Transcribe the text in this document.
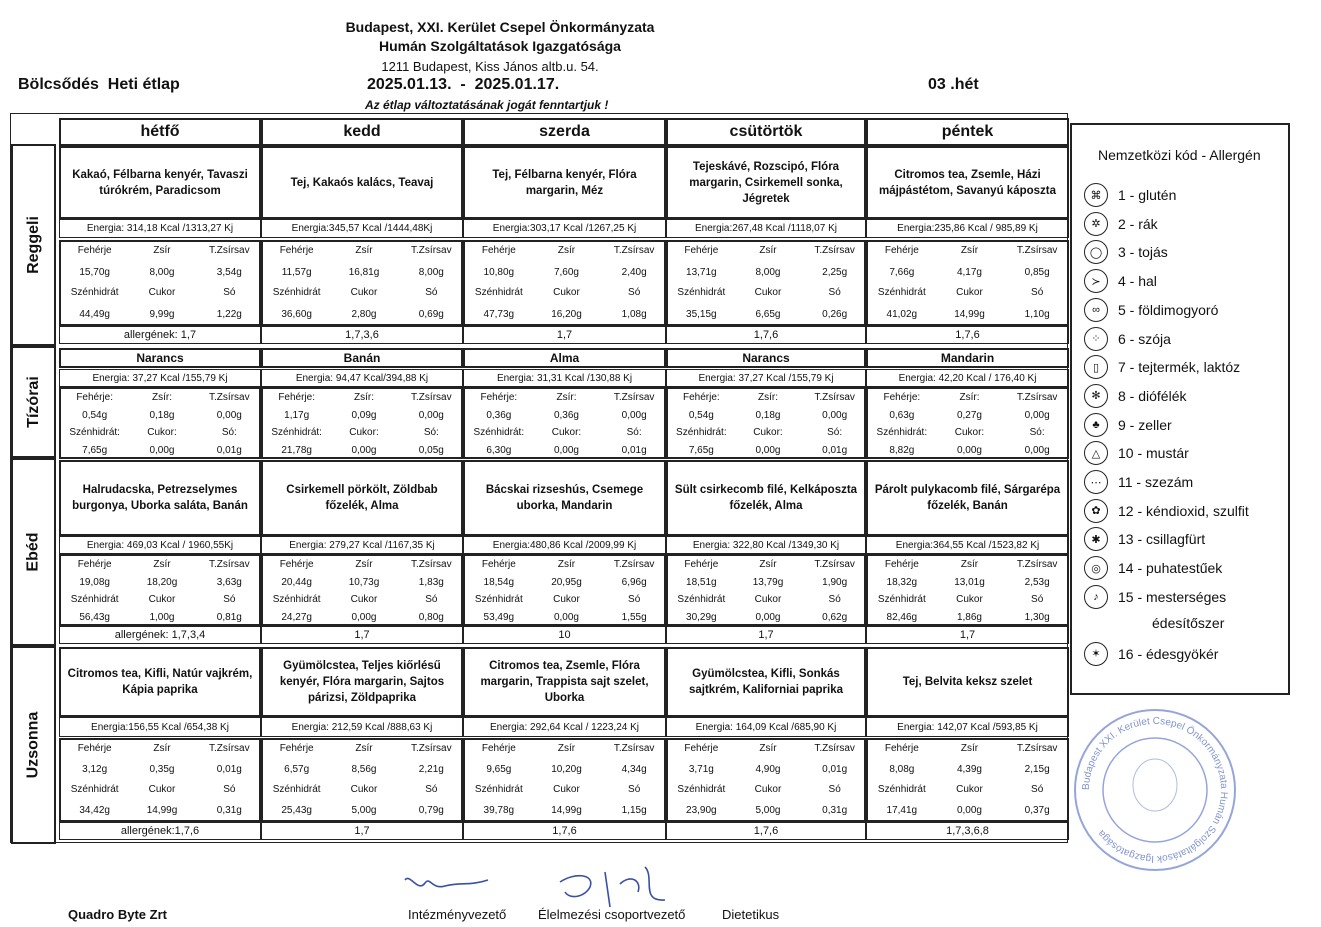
Budapest, XXI. Kerület Csepel Önkormányzata
Humán Szolgáltatások Igazgatósága
1211 Budapest, Kiss János altb.u. 54.
Bölcsődés  Heti étlap	2025.01.13.  -  2025.01.17.	03 .hét
Az étlap változtatásának jogát fenntartjuk !
hétfő	kedd	szerda	csütörtök	péntek
Reggeli
Tízórai
Ebéd
Uzsonna
Kakaó, Félbarna kenyér, Tavaszi túrókrém, Paradicsom
Energia: 314,18 Kcal /1313,27 Kj
Fehérje	Zsír	T.Zsírsav
15,70g	8,00g	3,54g
Szénhidrát	Cukor	Só
44,49g	9,99g	1,22g
allergének: 1,7
Tej, Kakaós kalács, Teavaj
Energia:345,57 Kcal /1444,48Kj
Fehérje	Zsír	T.Zsírsav
11,57g	16,81g	8,00g
Szénhidrát	Cukor	Só
36,60g	2,80g	0,69g
1,7,3,6
Tej, Félbarna kenyér, Flóra margarin, Méz
Energia:303,17 Kcal /1267,25 Kj
Fehérje	Zsír	T.Zsírsav
10,80g	7,60g	2,40g
Szénhidrát	Cukor	Só
47,73g	16,20g	1,08g
1,7
Tejeskávé, Rozscipó, Flóra margarin, Csirkemell sonka, Jégretek
Energia:267,48 Kcal /1118,07 Kj
Fehérje	Zsír	T.Zsírsav
13,71g	8,00g	2,25g
Szénhidrát	Cukor	Só
35,15g	6,65g	0,26g
1,7,6
Citromos tea, Zsemle, Házi májpástétom, Savanyú káposzta
Energia:235,86 Kcal / 985,89 Kj
Fehérje	Zsír	T.Zsírsav
7,66g	4,17g	0,85g
Szénhidrát	Cukor	Só
41,02g	14,99g	1,10g
1,7,6
Narancs
Energia: 37,27 Kcal /155,79 Kj
Fehérje:	Zsír:	T.Zsírsav
0,54g	0,18g	0,00g
Szénhidrát:	Cukor:	Só:
7,65g	0,00g	0,01g
Banán
Energia: 94,47 Kcal/394,88 Kj
Fehérje:	Zsír:	T.Zsírsav
1,17g	0,09g	0,00g
Szénhidrát:	Cukor:	Só:
21,78g	0,00g	0,05g
Alma
Energia: 31,31 Kcal /130,88 Kj
Fehérje:	Zsír:	T.Zsírsav
0,36g	0,36g	0,00g
Szénhidrát:	Cukor:	Só:
6,30g	0,00g	0,01g
Narancs
Energia: 37,27 Kcal /155,79 Kj
Fehérje:	Zsír:	T.Zsírsav
0,54g	0,18g	0,00g
Szénhidrát:	Cukor:	Só:
7,65g	0,00g	0,01g
Mandarin
Energia: 42,20 Kcal / 176,40 Kj
Fehérje:	Zsír:	T.Zsírsav
0,63g	0,27g	0,00g
Szénhidrát:	Cukor:	Só:
8,82g	0,00g	0,00g
Halrudacska, Petrezselymes burgonya, Uborka saláta, Banán
Energia: 469,03 Kcal / 1960,55Kj
Fehérje	Zsír	T.Zsírsav
19,08g	18,20g	3,63g
Szénhidrát	Cukor	Só
56,43g	1,00g	0,81g
allergének: 1,7,3,4
Csirkemell pörkölt, Zöldbab főzelék, Alma
Energia: 279,27 Kcal /1167,35 Kj
Fehérje	Zsír	T.Zsírsav
20,44g	10,73g	1,83g
Szénhidrát	Cukor	Só
24,27g	0,00g	0,80g
1,7
Bácskai rizseshús, Csemege uborka, Mandarin
Energia:480,86 Kcal /2009,99 Kj
Fehérje	Zsír	T.Zsírsav
18,54g	20,95g	6,96g
Szénhidrát	Cukor	Só
53,49g	0,00g	1,55g
10
Sült csirkecomb filé, Kelkáposzta főzelék, Alma
Energia: 322,80 Kcal /1349,30 Kj
Fehérje	Zsír	T.Zsírsav
18,51g	13,79g	1,90g
Szénhidrát	Cukor	Só
30,29g	0,00g	0,62g
1,7
Párolt pulykacomb filé, Sárgarépa főzelék, Banán
Energia:364,55 Kcal /1523,82 Kj
Fehérje	Zsír	T.Zsírsav
18,32g	13,01g	2,53g
Szénhidrát	Cukor	Só
82,46g	1,86g	1,30g
1,7
Citromos tea, Kifli, Natúr vajkrém, Kápia paprika
Energia:156,55 Kcal /654,38 Kj
Fehérje	Zsír	T.Zsírsav
3,12g	0,35g	0,01g
Szénhidrát	Cukor	Só
34,42g	14,99g	0,31g
allergének:1,7,6
Gyümölcstea, Teljes kiőrlésű kenyér, Flóra margarin, Sajtos párizsi, Zöldpaprika
Energia: 212,59 Kcal /888,63 Kj
Fehérje	Zsír	T.Zsírsav
6,57g	8,56g	2,21g
Szénhidrát	Cukor	Só
25,43g	5,00g	0,79g
1,7
Citromos tea, Zsemle, Flóra margarin, Trappista sajt szelet, Uborka
Energia: 292,64 Kcal / 1223,24 Kj
Fehérje	Zsír	T.Zsírsav
9,65g	10,20g	4,34g
Szénhidrát	Cukor	Só
39,78g	14,99g	1,15g
1,7,6
Gyümölcstea, Kifli, Sonkás sajtkrém, Kaliforniai paprika
Energia: 164,09 Kcal /685,90 Kj
Fehérje	Zsír	T.Zsírsav
3,71g	4,90g	0,01g
Szénhidrát	Cukor	Só
23,90g	5,00g	0,31g
1,7,6
Tej, Belvita keksz szelet
Energia: 142,07 Kcal /593,85 Kj
Fehérje	Zsír	T.Zsírsav
8,08g	4,39g	2,15g
Szénhidrát	Cukor	Só
17,41g	0,00g	0,37g
1,7,3,6,8
Nemzetközi kód - Allergén
⌘	1 - glutén
✲	2 - rák
◯	3 - tojás
≻	4 - hal
∞	5 - földimogyoró
⁘	6 - szója
▯	7 - tejtermék, laktóz
✻	8 - diófélék
♣	9 - zeller
△	10 - mustár
⋯	11 - szezám
✿	12 - kéndioxid, szulfit
✱	13 - csillagfürt
◎	14 - puhatestűek
♪	15 - mesterséges
✶	16 - édesgyökér
édesítőszer
Budapest XXI. Kerület Csepel Önkormányzata Humán Szolgáltatások Igazgatósága
Quadro Byte Zrt	Intézményvezető Élelmezési csoportvezető	Dietetikus
